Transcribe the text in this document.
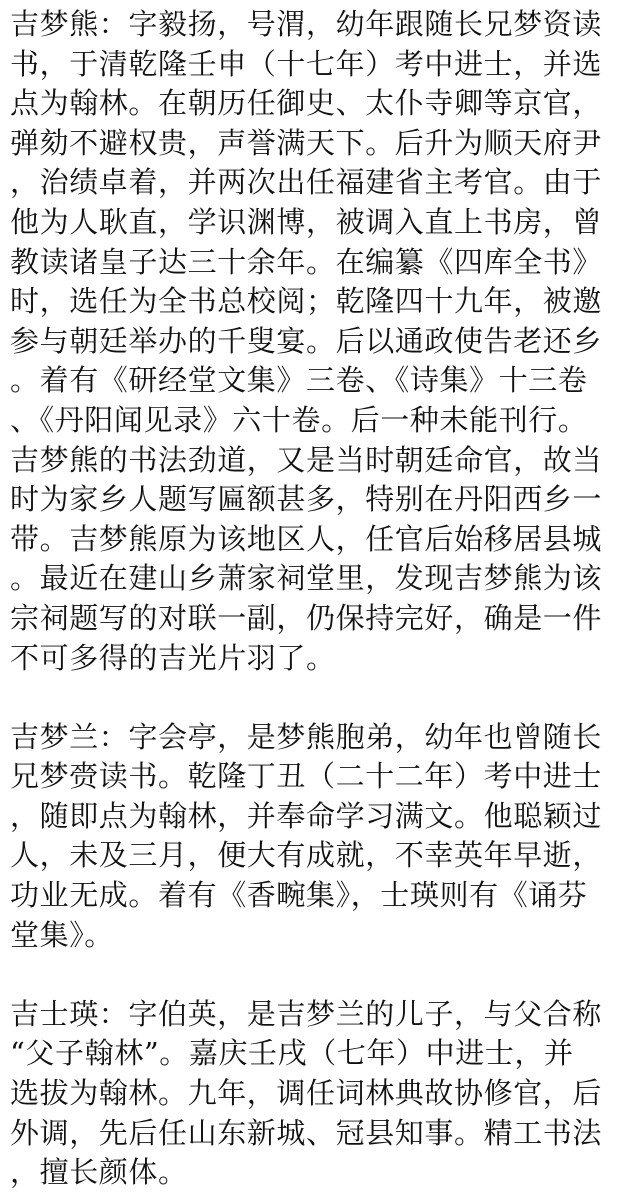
吉梦熊：字毅扬，号渭，幼年跟随长兄梦资读
书，于清乾隆壬申（十七年）考中进士，并选
点为翰林。在朝历任御史、太仆寺卿等京官，
弹劾不避权贵，声誉满天下。后升为顺天府尹
，治绩卓着，并两次出任福建省主考官。由于
他为人耿直，学识渊博，被调入直上书房，曾
教读诸皇子达三十余年。在编纂《四库全书》
时，选任为全书总校阅；乾隆四十九年，被邀
参与朝廷举办的千叟宴。后以通政使告老还乡
。着有《研经堂文集》三卷、《诗集》十三卷
、《丹阳闻见录》六十卷。后一种未能刊行。
吉梦熊的书法劲道，又是当时朝廷命官，故当
时为家乡人题写匾额甚多，特别在丹阳西乡一
带。吉梦熊原为该地区人，任官后始移居县城
。最近在建山乡萧家祠堂里，发现吉梦熊为该
宗祠题写的对联一副，仍保持完好，确是一件
不可多得的吉光片羽了。
吉梦兰：字会亭，是梦熊胞弟，幼年也曾随长
兄梦赍读书。乾隆丁丑（二十二年）考中进士
，随即点为翰林，并奉命学习满文。他聪颖过
人，未及三月，便大有成就，不幸英年早逝，
功业无成。着有《香畹集》，士瑛则有《诵芬
堂集》。
吉士瑛：字伯英，是吉梦兰的儿子，与父合称
“父子翰林”。嘉庆壬戌（七年）中进士，并
选拔为翰林。九年，调任词林典故协修官，后
外调，先后任山东新城、冠县知事。精工书法
，擅长颜体。
